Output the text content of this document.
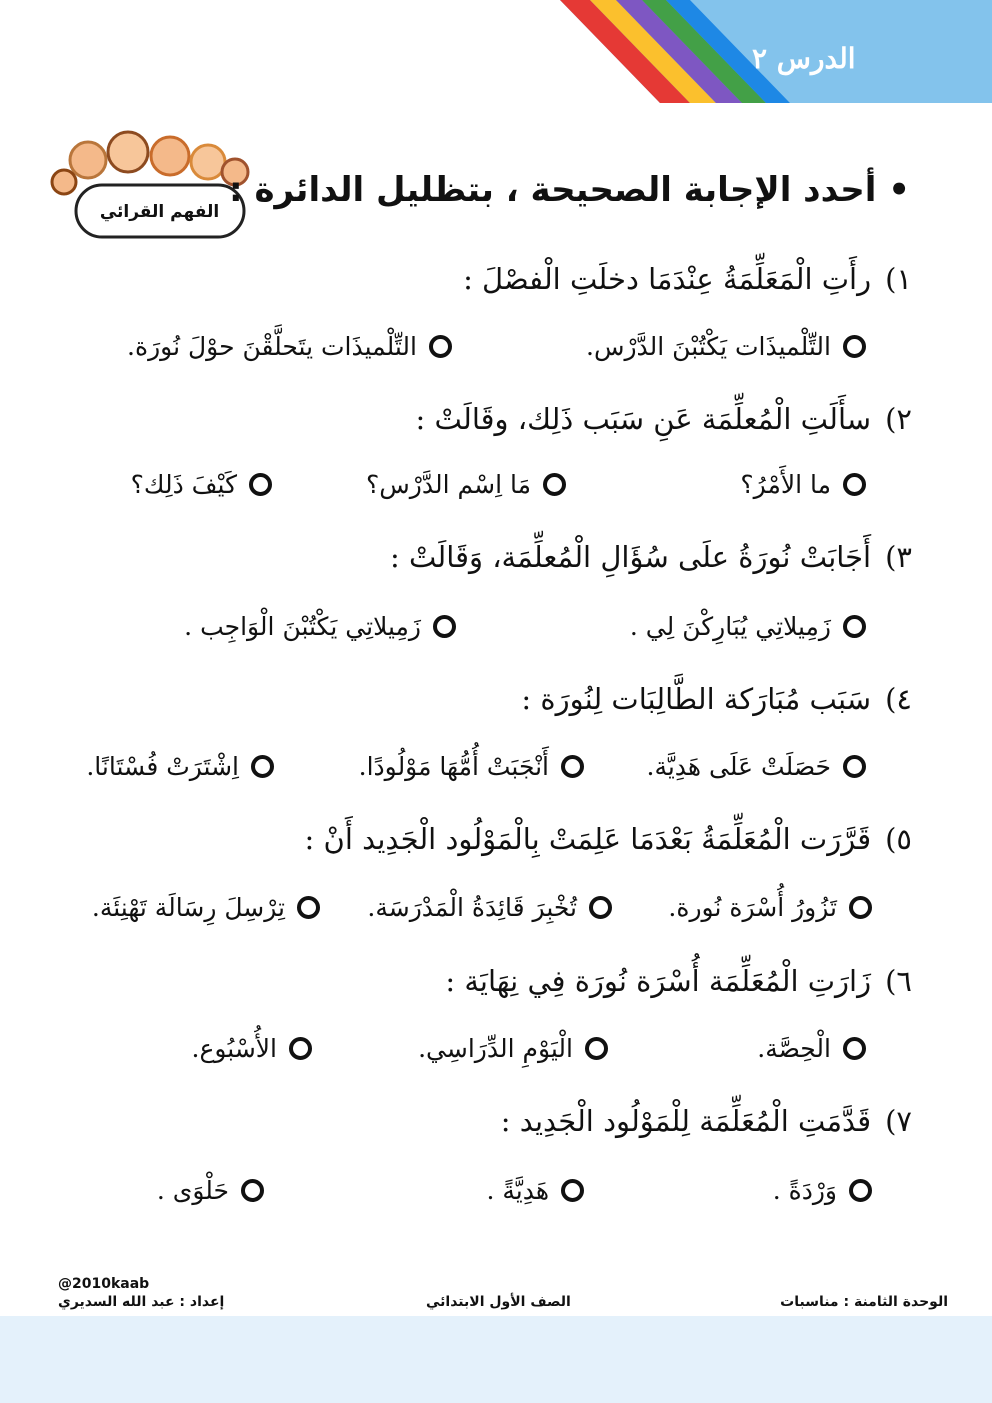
الدرس ٢
الفهم القرائي
• أحدد الإجابة الصحيحة ، بتظليل الدائرة :
١)رأَتِ الْمَعَلِّمَةُ عِنْدَمَا دخلَتِ الْفصْلَ :
التِّلْميذَات يَكْتُبْنَ الدَّرْس.
التِّلْميذَات يتَحلَّقْنَ حوْلَ نُورَة.
٢)سأَلَتِ الْمُعلِّمَة عَنِ سَبَب ذَلِك، وقَالَتْ :
ما الأَمْرُ؟
مَا اِسْم الدَّرْس؟
كَيْفَ ذَلِك؟
٣)أَجَابَتْ نُورَةُ علَى سُؤَالِ الْمُعلِّمَة، وَقَالَتْ :
زَمِيلاتِي يُبَارِكْنَ لِي .
زَمِيلاتِي يَكْتُبْنَ الْوَاجِب .
٤)سَبَب مُبَارَكة الطَّالِبَات لِنُورَة :
حَصَلَتْ عَلَى هَدِيَّة.
أَنْجَبَتْ أُمُّهَا مَوْلُودًا.
اِشْتَرَتْ فُسْتَانًا.
٥)قَرَّرَت الْمُعَلِّمَةُ بَعْدَمَا عَلِمَتْ بِالْمَوْلُود الْجَدِيد أَنْ :
تَزُورُ أُسْرَة نُورة.
تُخْبِرَ قَائِدَةُ الْمَدْرَسَة.
تِرْسِلَ رِسَالَة تَهْنِئَة.
٦)زَارَتِ الْمُعَلِّمَة أُسْرَة نُورَة فِي نِهَايَة :
الْحِصَّة.
الْيَوْمِ الدِّرَاسِي.
الأُسْبُوع.
٧)قَدَّمَتِ الْمُعَلِّمَة لِلْمَوْلُود الْجَدِيد :
وَرْدَةً .
هَدِيَّةً .
حَلْوَى .
الوحدة الثامنة : مناسبات
الصف الأول الابتدائي
إعداد : عبد الله السديري
@2010kaab
